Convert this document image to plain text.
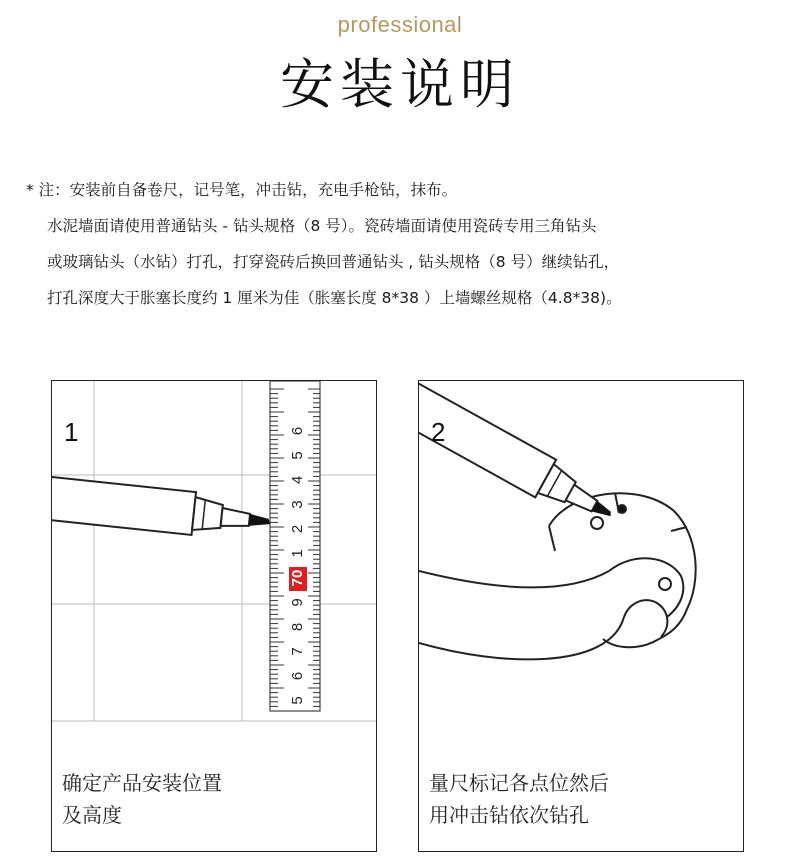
professional
安装说明
* 注：安装前自备卷尺，记号笔，冲击钻，充电手枪钻，抹布。
水泥墙面请使用普通钻头 - 钻头规格（8 号）。瓷砖墙面请使用瓷砖专用三角钻头
或玻璃钻头（水钻）打孔，打穿瓷砖后换回普通钻头 , 钻头规格（8 号）继续钻孔，
打孔深度大于胀塞长度约 1 厘米为佳（胀塞长度 8*38 ）上墙螺丝规格（4.8*38)。
6
5
4
3
2
1
70
9
8
7
6
5
1
确定产品安装位置
及高度
2
量尺标记各点位然后
用冲击钻依次钻孔
